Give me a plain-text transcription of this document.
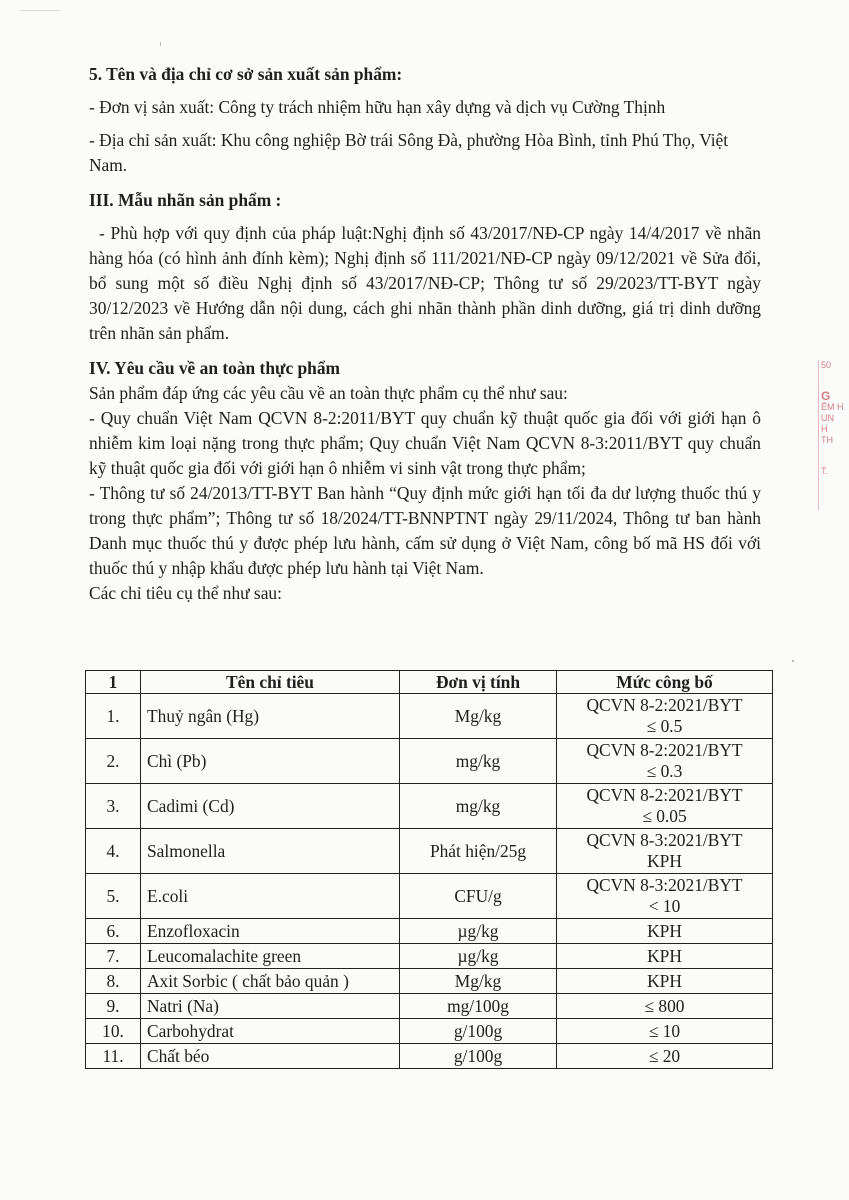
5. Tên và địa chỉ cơ sở sản xuất sản phẩm:

- Đơn vị sản xuất: Công ty trách nhiệm hữu hạn xây dựng và dịch vụ Cường Thịnh

- Địa chỉ sản xuất: Khu công nghiệp Bờ trái Sông Đà, phường Hòa Bình, tỉnh Phú Thọ, Việt Nam.

III. Mẫu nhãn sản phẩm :

- Phù hợp với quy định của pháp luật:Nghị định số 43/2017/NĐ-CP ngày 14/4/2017 về nhãn hàng hóa (có hình ảnh đính kèm); Nghị định số 111/2021/NĐ-CP ngày 09/12/2021 về Sửa đổi, bổ sung một số điều Nghị định số 43/2017/NĐ-CP; Thông tư số 29/2023/TT-BYT ngày 30/12/2023 về Hướng dẫn nội dung, cách ghi nhãn thành phần dinh dưỡng, giá trị dinh dưỡng trên nhãn sản phẩm.

IV. Yêu cầu về an toàn thực phẩm

Sản phẩm đáp ứng các yêu cầu về an toàn thực phẩm cụ thể như sau:

- Quy chuẩn Việt Nam QCVN 8-2:2011/BYT quy chuẩn kỹ thuật quốc gia đối với giới hạn ô nhiễm kim loại nặng trong thực phẩm; Quy chuẩn Việt Nam QCVN 8-3:2011/BYT quy chuẩn kỹ thuật quốc gia đối với giới hạn ô nhiễm vi sinh vật trong thực phẩm;

- Thông tư số 24/2013/TT-BYT Ban hành “Quy định mức giới hạn tối đa dư lượng thuốc thú y trong thực phẩm”; Thông tư số 18/2024/TT-BNNPTNT ngày 29/11/2024, Thông tư ban hành Danh mục thuốc thú y được phép lưu hành, cấm sử dụng ở Việt Nam, công bố mã HS đối với thuốc thú y nhập khẩu được phép lưu hành tại Việt Nam.

Các chỉ tiêu cụ thể như sau:

1	Tên chỉ tiêu	Đơn vị tính	Mức công bố
1.	Thuỷ ngân (Hg)	Mg/kg	QCVN 8-2:2021/BYT
≤ 0.5

2.	Chì (Pb)	mg/kg	QCVN 8-2:2021/BYT
≤ 0.3

3.	Cadimi (Cd)	mg/kg	QCVN 8-2:2021/BYT
≤ 0.05

4.	Salmonella	Phát hiện/25g	QCVN 8-3:2021/BYT
KPH

5.	E.coli	CFU/g	QCVN 8-3:2021/BYT
< 10

6.	Enzofloxacin	µg/kg	KPH
7.	Leucomalachite green	µg/kg	KPH
8.	Axit Sorbic ( chất bảo quản )	Mg/kg	KPH
9.	Natri (Na)	mg/100g	≤ 800
10.	Carbohydrat	g/100g	≤ 10
11.	Chất béo	g/100g	≤ 20
50
G
ẾM H
UN
H
TH
T.
